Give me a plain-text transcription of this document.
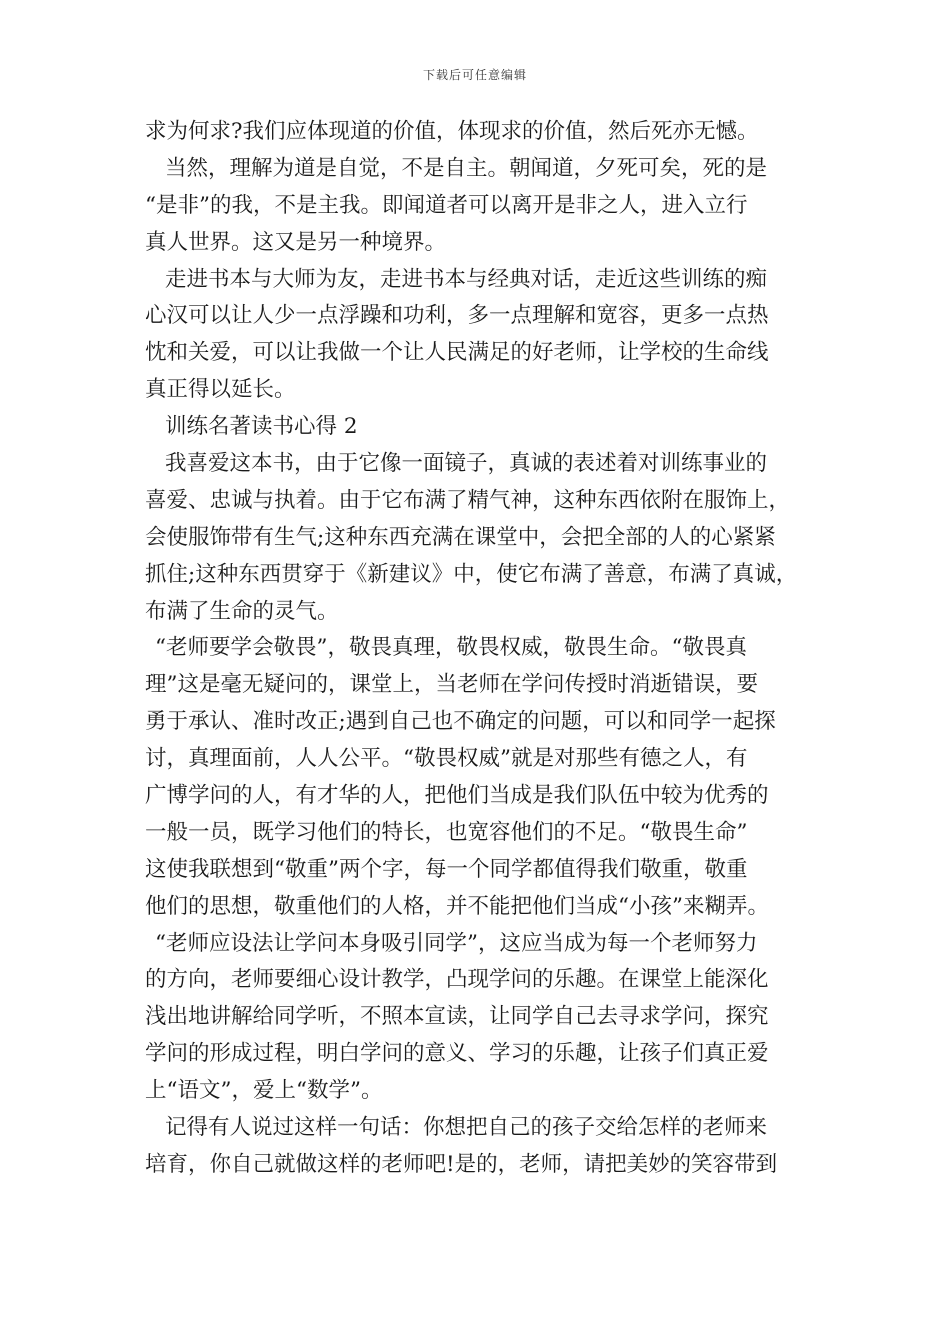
下载后可任意编辑
求为何求?我们应体现道的价值，体现求的价值，然后死亦无憾。
当然，理解为道是自觉，不是自主。朝闻道，夕死可矣，死的是
“是非”的我，不是主我。即闻道者可以离开是非之人，进入立行
真人世界。这又是另一种境界。
走进书本与大师为友，走进书本与经典对话，走近这些训练的痴
心汉可以让人少一点浮躁和功利，多一点理解和宽容，更多一点热
忱和关爱，可以让我做一个让人民满足的好老师，让学校的生命线
真正得以延长。
训练名著读书心得 2
我喜爱这本书，由于它像一面镜子，真诚的表述着对训练事业的
喜爱、忠诚与执着。由于它布满了精气神，这种东西依附在服饰上，
会使服饰带有生气;这种东西充满在课堂中，会把全部的人的心紧紧
抓住;这种东西贯穿于《新建议》中，使它布满了善意，布满了真诚，
布满了生命的灵气。
“老师要学会敬畏”，敬畏真理，敬畏权威，敬畏生命。“敬畏真
理”这是毫无疑问的，课堂上，当老师在学问传授时消逝错误，要
勇于承认、准时改正;遇到自己也不确定的问题，可以和同学一起探
讨，真理面前，人人公平。“敬畏权威”就是对那些有德之人，有
广博学问的人，有才华的人，把他们当成是我们队伍中较为优秀的
一般一员，既学习他们的特长，也宽容他们的不足。“敬畏生命”
这使我联想到“敬重”两个字，每一个同学都值得我们敬重，敬重
他们的思想，敬重他们的人格，并不能把他们当成“小孩”来糊弄。
“老师应设法让学问本身吸引同学”，这应当成为每一个老师努力
的方向，老师要细心设计教学，凸现学问的乐趣。在课堂上能深化
浅出地讲解给同学听，不照本宣读，让同学自己去寻求学问，探究
学问的形成过程，明白学问的意义、学习的乐趣，让孩子们真正爱
上“语文”，爱上“数学”。
记得有人说过这样一句话：你想把自己的孩子交给怎样的老师来
培育，你自己就做这样的老师吧!是的，老师，请把美妙的笑容带到
